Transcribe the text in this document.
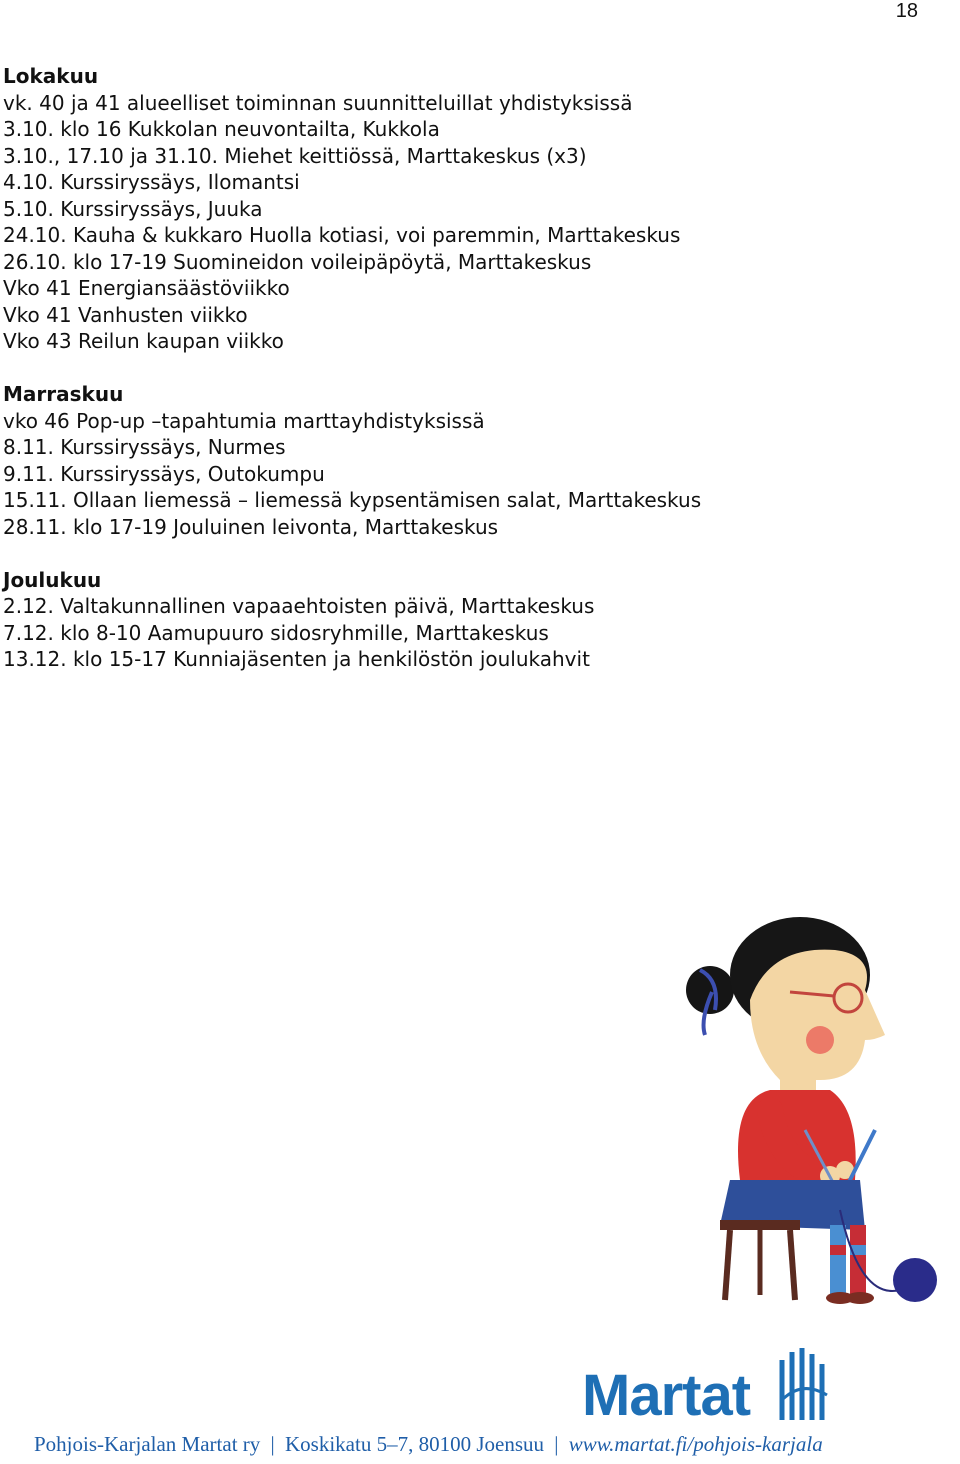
18
Lokakuu
vk. 40 ja 41 alueelliset toiminnan suunnitteluillat yhdistyksissä
3.10. klo 16 Kukkolan neuvontailta, Kukkola
3.10., 17.10 ja 31.10. Miehet keittiössä, Marttakeskus (x3)
4.10. Kurssiryssäys, Ilomantsi
5.10. Kurssiryssäys, Juuka
24.10. Kauha & kukkaro Huolla kotiasi, voi paremmin, Marttakeskus
26.10. klo 17-19 Suomineidon voileipäpöytä, Marttakeskus
Vko 41 Energiansäästöviikko
Vko 41 Vanhusten viikko
Vko 43 Reilun kaupan viikko
Marraskuu
vko 46 Pop-up –tapahtumia marttayhdistyksissä
8.11. Kurssiryssäys, Nurmes
9.11. Kurssiryssäys, Outokumpu
15.11. Ollaan liemessä – liemessä kypsentämisen salat, Marttakeskus
28.11. klo 17-19 Jouluinen leivonta, Marttakeskus
Joulukuu
2.12. Valtakunnallinen vapaaehtoisten päivä, Marttakeskus
7.12. klo 8-10 Aamupuuro sidosryhmille, Marttakeskus
13.12. klo 15-17 Kunniajäsenten ja henkilöstön joulukahvit
Martat
Pohjois-Karjalan Martat ry | Koskikatu 5–7, 80100 Joensuu | www.martat.fi/pohjois-karjala
